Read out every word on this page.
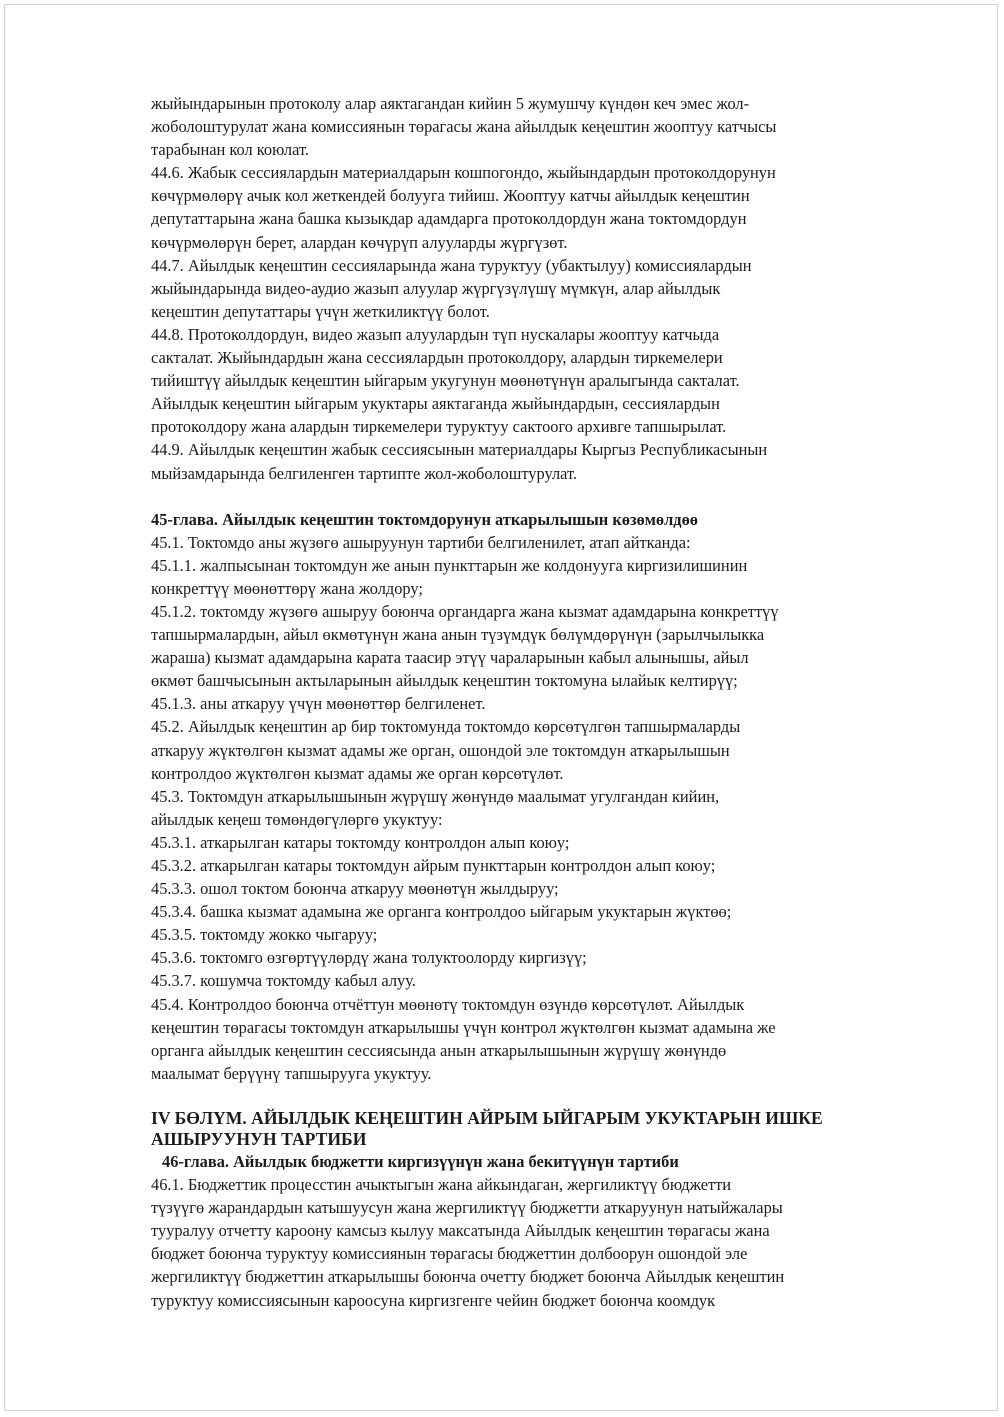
жыйындарынын протоколу алар аяктагандан кийин 5 жумушчу күндөн кеч эмес жол-
жоболоштурулат жана комиссиянын төрагасы жана айылдык кеңештин жооптуу катчысы
тарабынан кол коюлат.

44.6. Жабык сессиялардын материалдарын кошпогондо, жыйындардын протоколдорунун
көчүрмөлөрү ачык кол жеткендей болууга тийиш. Жооптуу катчы айылдык кеңештин
депутаттарына жана башка кызыкдар адамдарга протоколдордун жана токтомдордун
көчүрмөлөрүн берет, алардан көчүрүп алууларды жүргүзөт.

44.7. Айылдык кеңештин сессияларында жана туруктуу (убактылуу) комиссиялардын
жыйындарында видео-аудио жазып алуулар жүргүзүлүшү мүмкүн, алар айылдык
кеңештин депутаттары үчүн жеткиликтүү болот.

44.8. Протоколдордун, видео жазып алуулардын түп нускалары жооптуу катчыда
сакталат. Жыйындардын жана сессиялардын протоколдору, алардын тиркемелери
тийиштүү айылдык кеңештин ыйгарым укугунун мөөнөтүнүн аралыгында сакталат.
Айылдык кеңештин ыйгарым укуктары аяктаганда жыйындардын, сессиялардын
протоколдору жана алардын тиркемелери туруктуу сактоого архивге тапшырылат.

44.9. Айылдык кеңештин жабык сессиясынын материалдары Кыргыз Республикасынын
мыйзамдарында белгиленген тартипте жол-жоболоштурулат.

45-глава. Айылдык кеңештин токтомдорунун аткарылышын көзөмөлдөө

45.1. Токтомдо аны жүзөгө ашыруунун тартиби белгиленилет, атап айтканда:

45.1.1. жалпысынан токтомдун же анын пункттарын же колдонууга киргизилишинин
конкреттүү мөөнөттөрү жана жолдору;

45.1.2. токтомду жүзөгө ашыруу боюнча органдарга жана кызмат адамдарына конкреттүү
тапшырмалардын, айыл өкмөтүнүн жана анын түзүмдүк бөлүмдөрүнүн (зарылчылыкка
жараша) кызмат адамдарына карата таасир этүү чараларынын кабыл алынышы, айыл
өкмөт башчысынын актыларынын айылдык кеңештин токтомуна ылайык келтирүү;

45.1.3. аны аткаруу үчүн мөөнөттөр белгиленет.

45.2. Айылдык кеңештин ар бир токтомунда токтомдо көрсөтүлгөн тапшырмаларды
аткаруу жүктөлгөн кызмат адамы же орган, ошондой эле токтомдун аткарылышын
контролдоо жүктөлгөн кызмат адамы же орган көрсөтүлөт.

45.3. Токтомдун аткарылышынын жүрүшү жөнүндө маалымат угулгандан кийин,
айылдык кеңеш төмөндөгүлөргө укуктуу:

45.3.1. аткарылган катары токтомду контролдон алып коюу;

45.3.2. аткарылган катары токтомдун айрым пункттарын контролдон алып коюу;

45.3.3. ошол токтом боюнча аткаруу мөөнөтүн жылдыруу;

45.3.4. башка кызмат адамына же органга контролдоо ыйгарым укуктарын жүктөө;

45.3.5. токтомду жокко чыгаруу;

45.3.6. токтомго өзгөртүүлөрдү жана толуктоолорду киргизүү;

45.3.7. кошумча токтомду кабыл алуу.

45.4. Контролдоо боюнча отчёттун мөөнөтү токтомдун өзүндө көрсөтүлөт. Айылдык
кеңештин төрагасы токтомдун аткарылышы үчүн контрол жүктөлгөн кызмат адамына же
органга айылдык кеңештин сессиясында анын аткарылышынын жүрүшү жөнүндө
маалымат берүүнү тапшырууга укуктуу.

IV БӨЛҮМ. АЙЫЛДЫК КЕҢЕШТИН АЙРЫМ ЫЙГАРЫМ УКУКТАРЫН ИШКЕ
АШЫРУУНУН ТАРТИБИ

46-глава. Айылдык бюджетти киргизүүнүн жана бекитүүнүн тартиби

46.1. Бюджеттик процесстин ачыктыгын жана айкындаган, жергиликтүү бюджетти
түзүүгө жарандардын катышуусун жана жергиликтүү бюджетти аткаруунун натыйжалары
тууралуу отчетту кароону камсыз кылуу максатында Айылдык кеңештин төрагасы жана
бюджет боюнча туруктуу комиссиянын төрагасы бюджеттин долбоорун ошондой эле
жергиликтүү бюджеттин аткарылышы боюнча очетту бюджет боюнча Айылдык кеңештин
туруктуу комиссиясынын кароосуна киргизгенге чейин бюджет боюнча коомдук
